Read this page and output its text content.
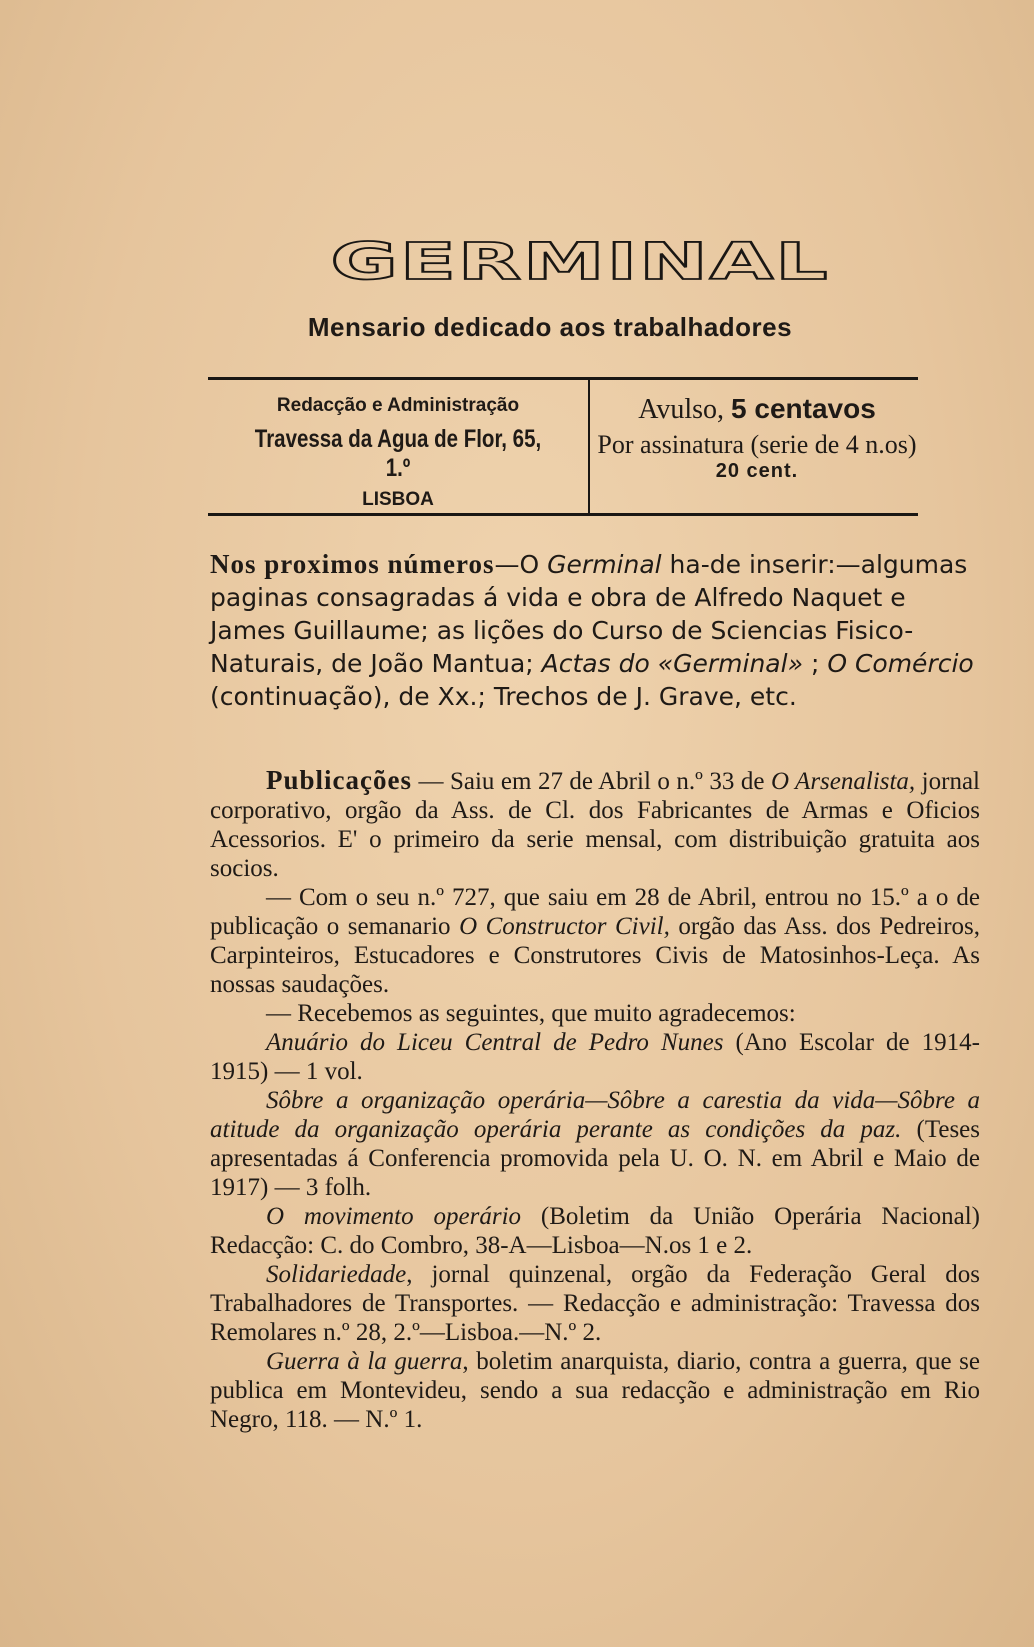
GERMINAL
Mensario dedicado aos trabalhadores
Redacção e Administração
Travessa da Agua de Flor, 65, 1.º
LISBOA
Avulso, 5 centavos
Por assinatura (serie de 4 n.os)
20 cent.
Nos proximos números—O Germinal ha-de inserir:—algumas paginas consagradas á vida e obra de Alfredo Naquet e James Guillaume; as lições do Curso de Sciencias Fisico-Naturais, de João Mantua; Actas do «Germinal» ; O Comércio (continuação), de Xx.; Trechos de J. Grave, etc.

Publicações — Saiu em 27 de Abril o n.º 33 de O Arsenalista, jornal corporativo, orgão da Ass. de Cl. dos Fabricantes de Armas e Oficios Acessorios. E' o primeiro da serie mensal, com distribuição gratuita aos socios.

— Com o seu n.º 727, que saiu em 28 de Abril, entrou no 15.º a o de publicação o semanario O Constructor Civil, orgão das Ass. dos Pedreiros, Carpinteiros, Estucadores e Construtores Civis de Matosinhos-Leça. As nossas saudações.

— Recebemos as seguintes, que muito agradecemos:

Anuário do Liceu Central de Pedro Nunes (Ano Escolar de 1914-1915) — 1 vol.

Sôbre a organização operária—Sôbre a carestia da vida—Sôbre a atitude da organização operária perante as condições da paz. (Teses apresentadas á Conferencia promovida pela U. O. N. em Abril e Maio de 1917) — 3 folh.

O movimento operário (Boletim da União Operária Nacional) Redacção: C. do Combro, 38-A—Lisboa—N.os 1 e 2.

Solidariedade, jornal quinzenal, orgão da Federação Geral dos Trabalhadores de Transportes. — Redacção e administração: Travessa dos Remolares n.º 28, 2.º—Lisboa.—N.º 2.

Guerra à la guerra, boletim anarquista, diario, contra a guerra, que se publica em Montevideu, sendo a sua redacção e administração em Rio Negro, 118. — N.º 1.
